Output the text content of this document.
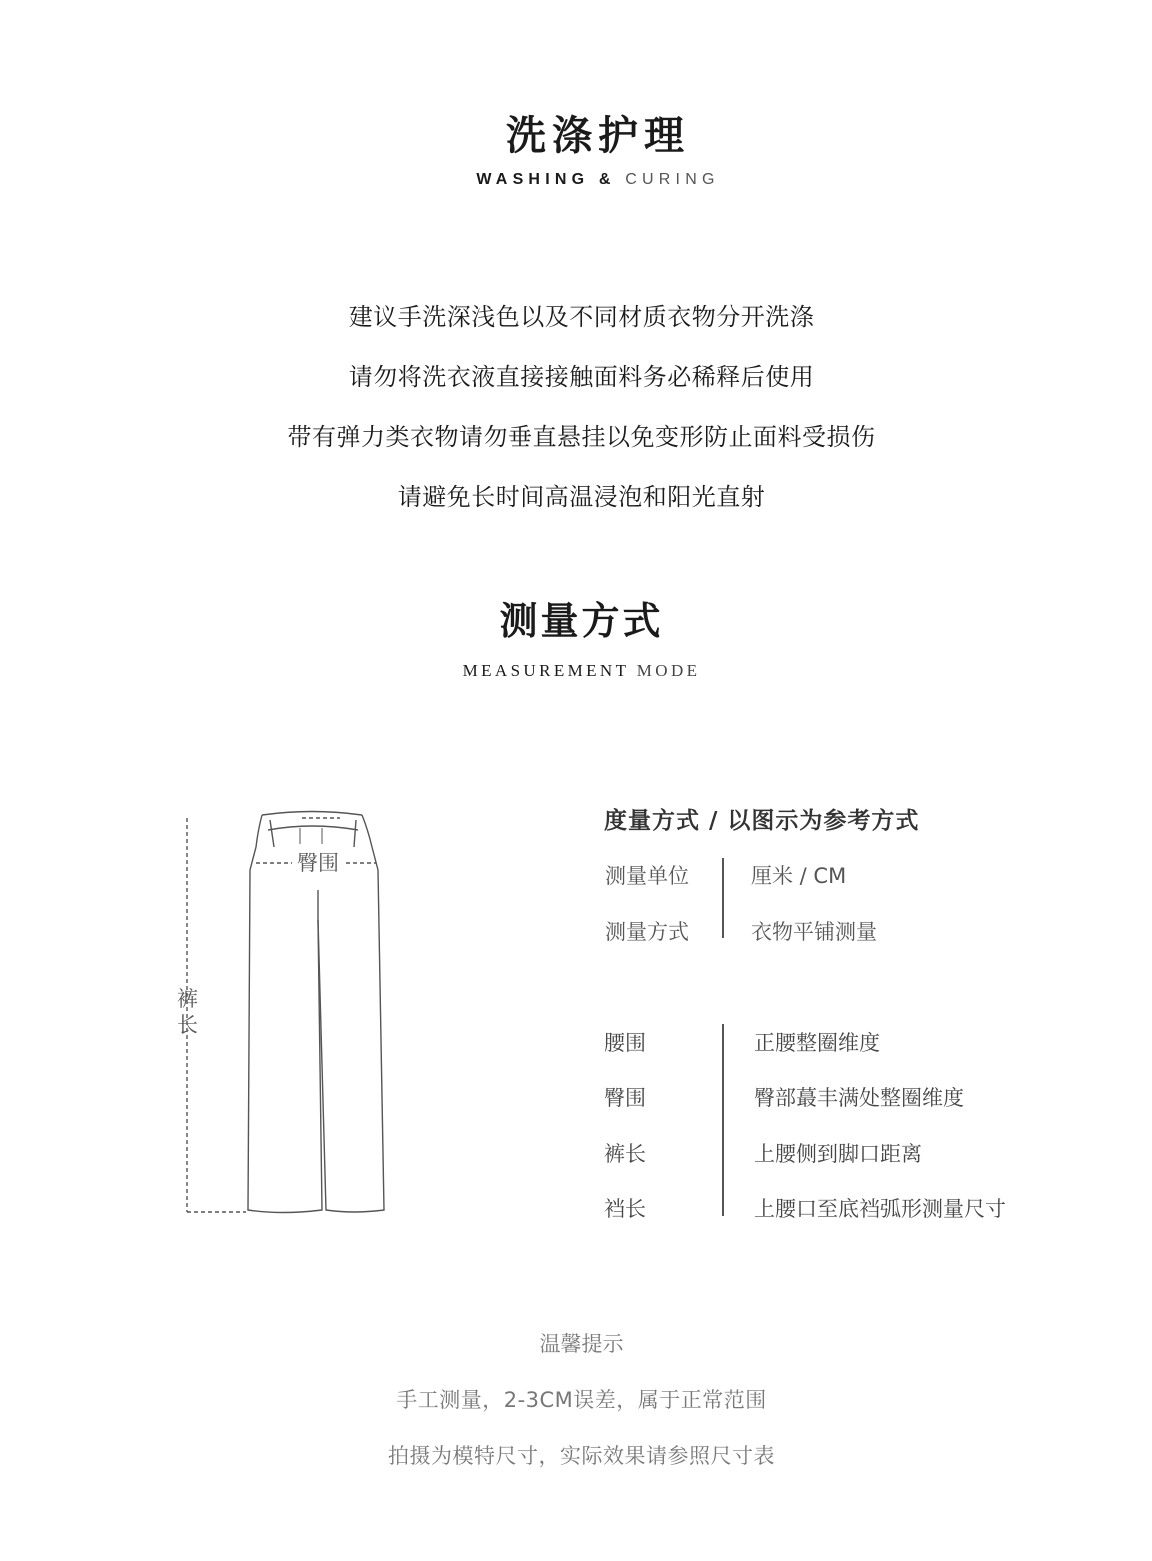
洗涤护理
WASHING & CURING
建议手洗深浅色以及不同材质衣物分开洗涤
请勿将洗衣液直接接触面料务必稀释后使用
带有弹力类衣物请勿垂直悬挂以免变形防止面料受损伤
请避免长时间高温浸泡和阳光直射
测量方式
MEASUREMENT MODE
臀围
裤
长
度量方式 / 以图示为参考方式
测量单位	厘米 / CM
测量方式	衣物平铺测量
腰围	正腰整圈维度
臀围	臀部蕞丰满处整圈维度
裤长	上腰侧到脚口距离
裆长	上腰口至底裆弧形测量尺寸
温馨提示
手工测量，2-3CM误差，属于正常范围
拍摄为模特尺寸，实际效果请参照尺寸表
